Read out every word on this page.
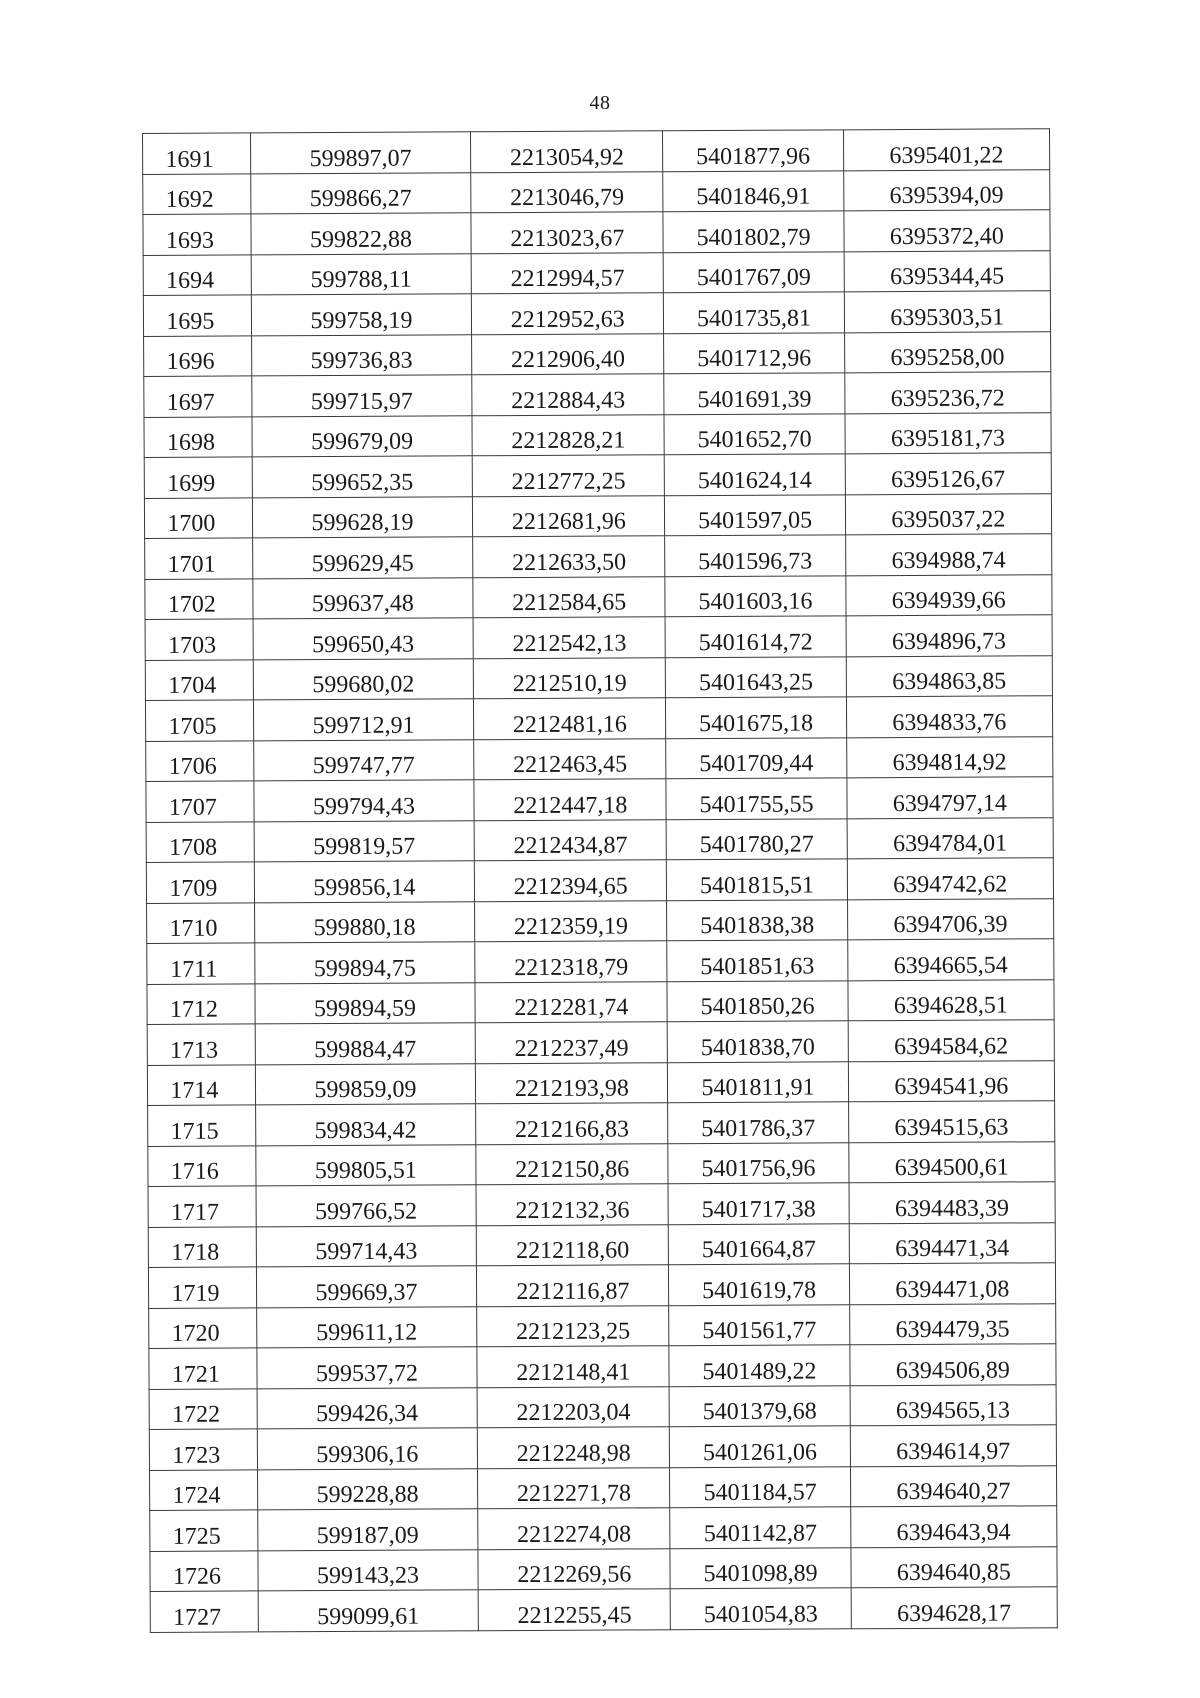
48
1691	599897,07	2213054,92	5401877,96	6395401,22
1692	599866,27	2213046,79	5401846,91	6395394,09
1693	599822,88	2213023,67	5401802,79	6395372,40
1694	599788,11	2212994,57	5401767,09	6395344,45
1695	599758,19	2212952,63	5401735,81	6395303,51
1696	599736,83	2212906,40	5401712,96	6395258,00
1697	599715,97	2212884,43	5401691,39	6395236,72
1698	599679,09	2212828,21	5401652,70	6395181,73
1699	599652,35	2212772,25	5401624,14	6395126,67
1700	599628,19	2212681,96	5401597,05	6395037,22
1701	599629,45	2212633,50	5401596,73	6394988,74
1702	599637,48	2212584,65	5401603,16	6394939,66
1703	599650,43	2212542,13	5401614,72	6394896,73
1704	599680,02	2212510,19	5401643,25	6394863,85
1705	599712,91	2212481,16	5401675,18	6394833,76
1706	599747,77	2212463,45	5401709,44	6394814,92
1707	599794,43	2212447,18	5401755,55	6394797,14
1708	599819,57	2212434,87	5401780,27	6394784,01
1709	599856,14	2212394,65	5401815,51	6394742,62
1710	599880,18	2212359,19	5401838,38	6394706,39
1711	599894,75	2212318,79	5401851,63	6394665,54
1712	599894,59	2212281,74	5401850,26	6394628,51
1713	599884,47	2212237,49	5401838,70	6394584,62
1714	599859,09	2212193,98	5401811,91	6394541,96
1715	599834,42	2212166,83	5401786,37	6394515,63
1716	599805,51	2212150,86	5401756,96	6394500,61
1717	599766,52	2212132,36	5401717,38	6394483,39
1718	599714,43	2212118,60	5401664,87	6394471,34
1719	599669,37	2212116,87	5401619,78	6394471,08
1720	599611,12	2212123,25	5401561,77	6394479,35
1721	599537,72	2212148,41	5401489,22	6394506,89
1722	599426,34	2212203,04	5401379,68	6394565,13
1723	599306,16	2212248,98	5401261,06	6394614,97
1724	599228,88	2212271,78	5401184,57	6394640,27
1725	599187,09	2212274,08	5401142,87	6394643,94
1726	599143,23	2212269,56	5401098,89	6394640,85
1727	599099,61	2212255,45	5401054,83	6394628,17
